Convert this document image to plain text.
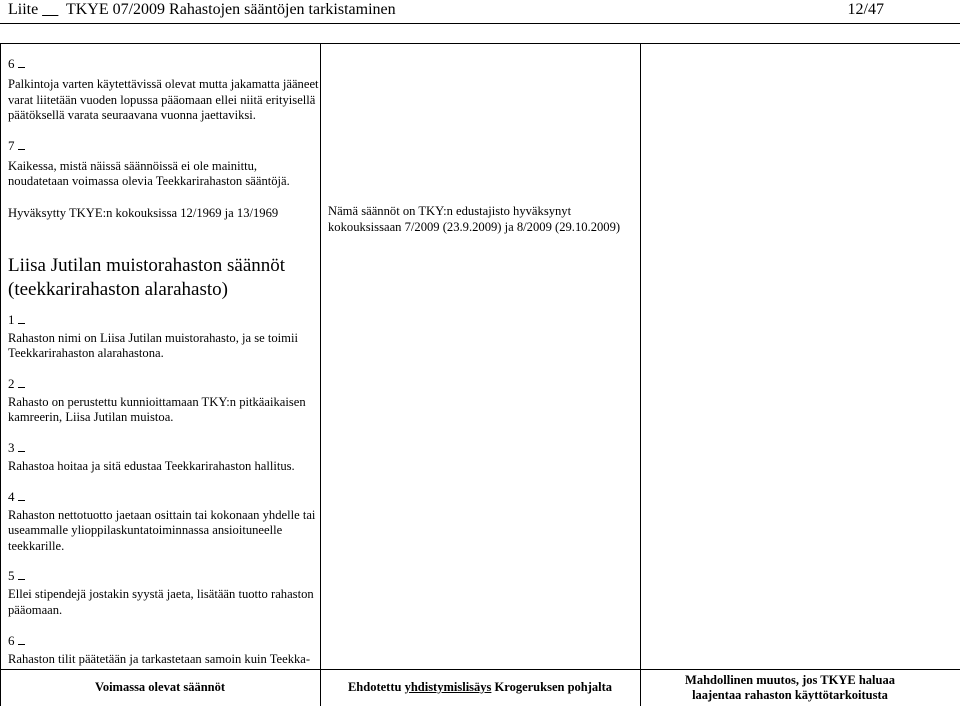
Liite __ TKYE 07/2009 Rahastojen sääntöjen tarkistaminen	12/47
6

Palkintoja varten käytettävissä olevat mutta jakamatta jääneet varat liitetään vuoden lopussa pääomaan ellei niitä erityisellä päätöksellä varata seuraavana vuonna jaettaviksi.

7

Kaikessa, mistä näissä säännöissä ei ole mainittu, noudatetaan voimassa olevia Teekkarirahaston sääntöjä.

Hyväksytty TKYE:n kokouksissa 12/1969 ja 13/1969

Liisa Jutilan muistorahaston säännöt
(teekkarirahaston alarahasto)
1

Rahaston nimi on Liisa Jutilan muistorahasto, ja se toimii Teekkarirahaston alarahastona.

2

Rahasto on perustettu kunnioittamaan TKY:n pitkäaikaisen kamreerin, Liisa Jutilan muistoa.

3

Rahastoa hoitaa ja sitä edustaa Teekkarirahaston hallitus.

4

Rahaston nettotuotto jaetaan osittain tai kokonaan yhdelle tai useammalle ylioppilaskuntatoiminnassa ansioituneelle teekkarille.

5

Ellei stipendejä jostakin syystä jaeta, lisätään tuotto rahaston pääomaan.

6

Rahaston tilit päätetään ja tarkastetaan samoin kuin Teekka-

Nämä säännöt on TKY:n edustajisto hyväksynyt kokouksissaan 7/2009 (23.9.2009) ja 8/2009 (29.10.2009)

Voimassa olevat säännöt	Ehdotettu yhdistymislisäys Krogeruksen pohjalta
Mahdollinen muutos, jos TKYE haluaa laajentaa rahaston käyttötarkoitusta
